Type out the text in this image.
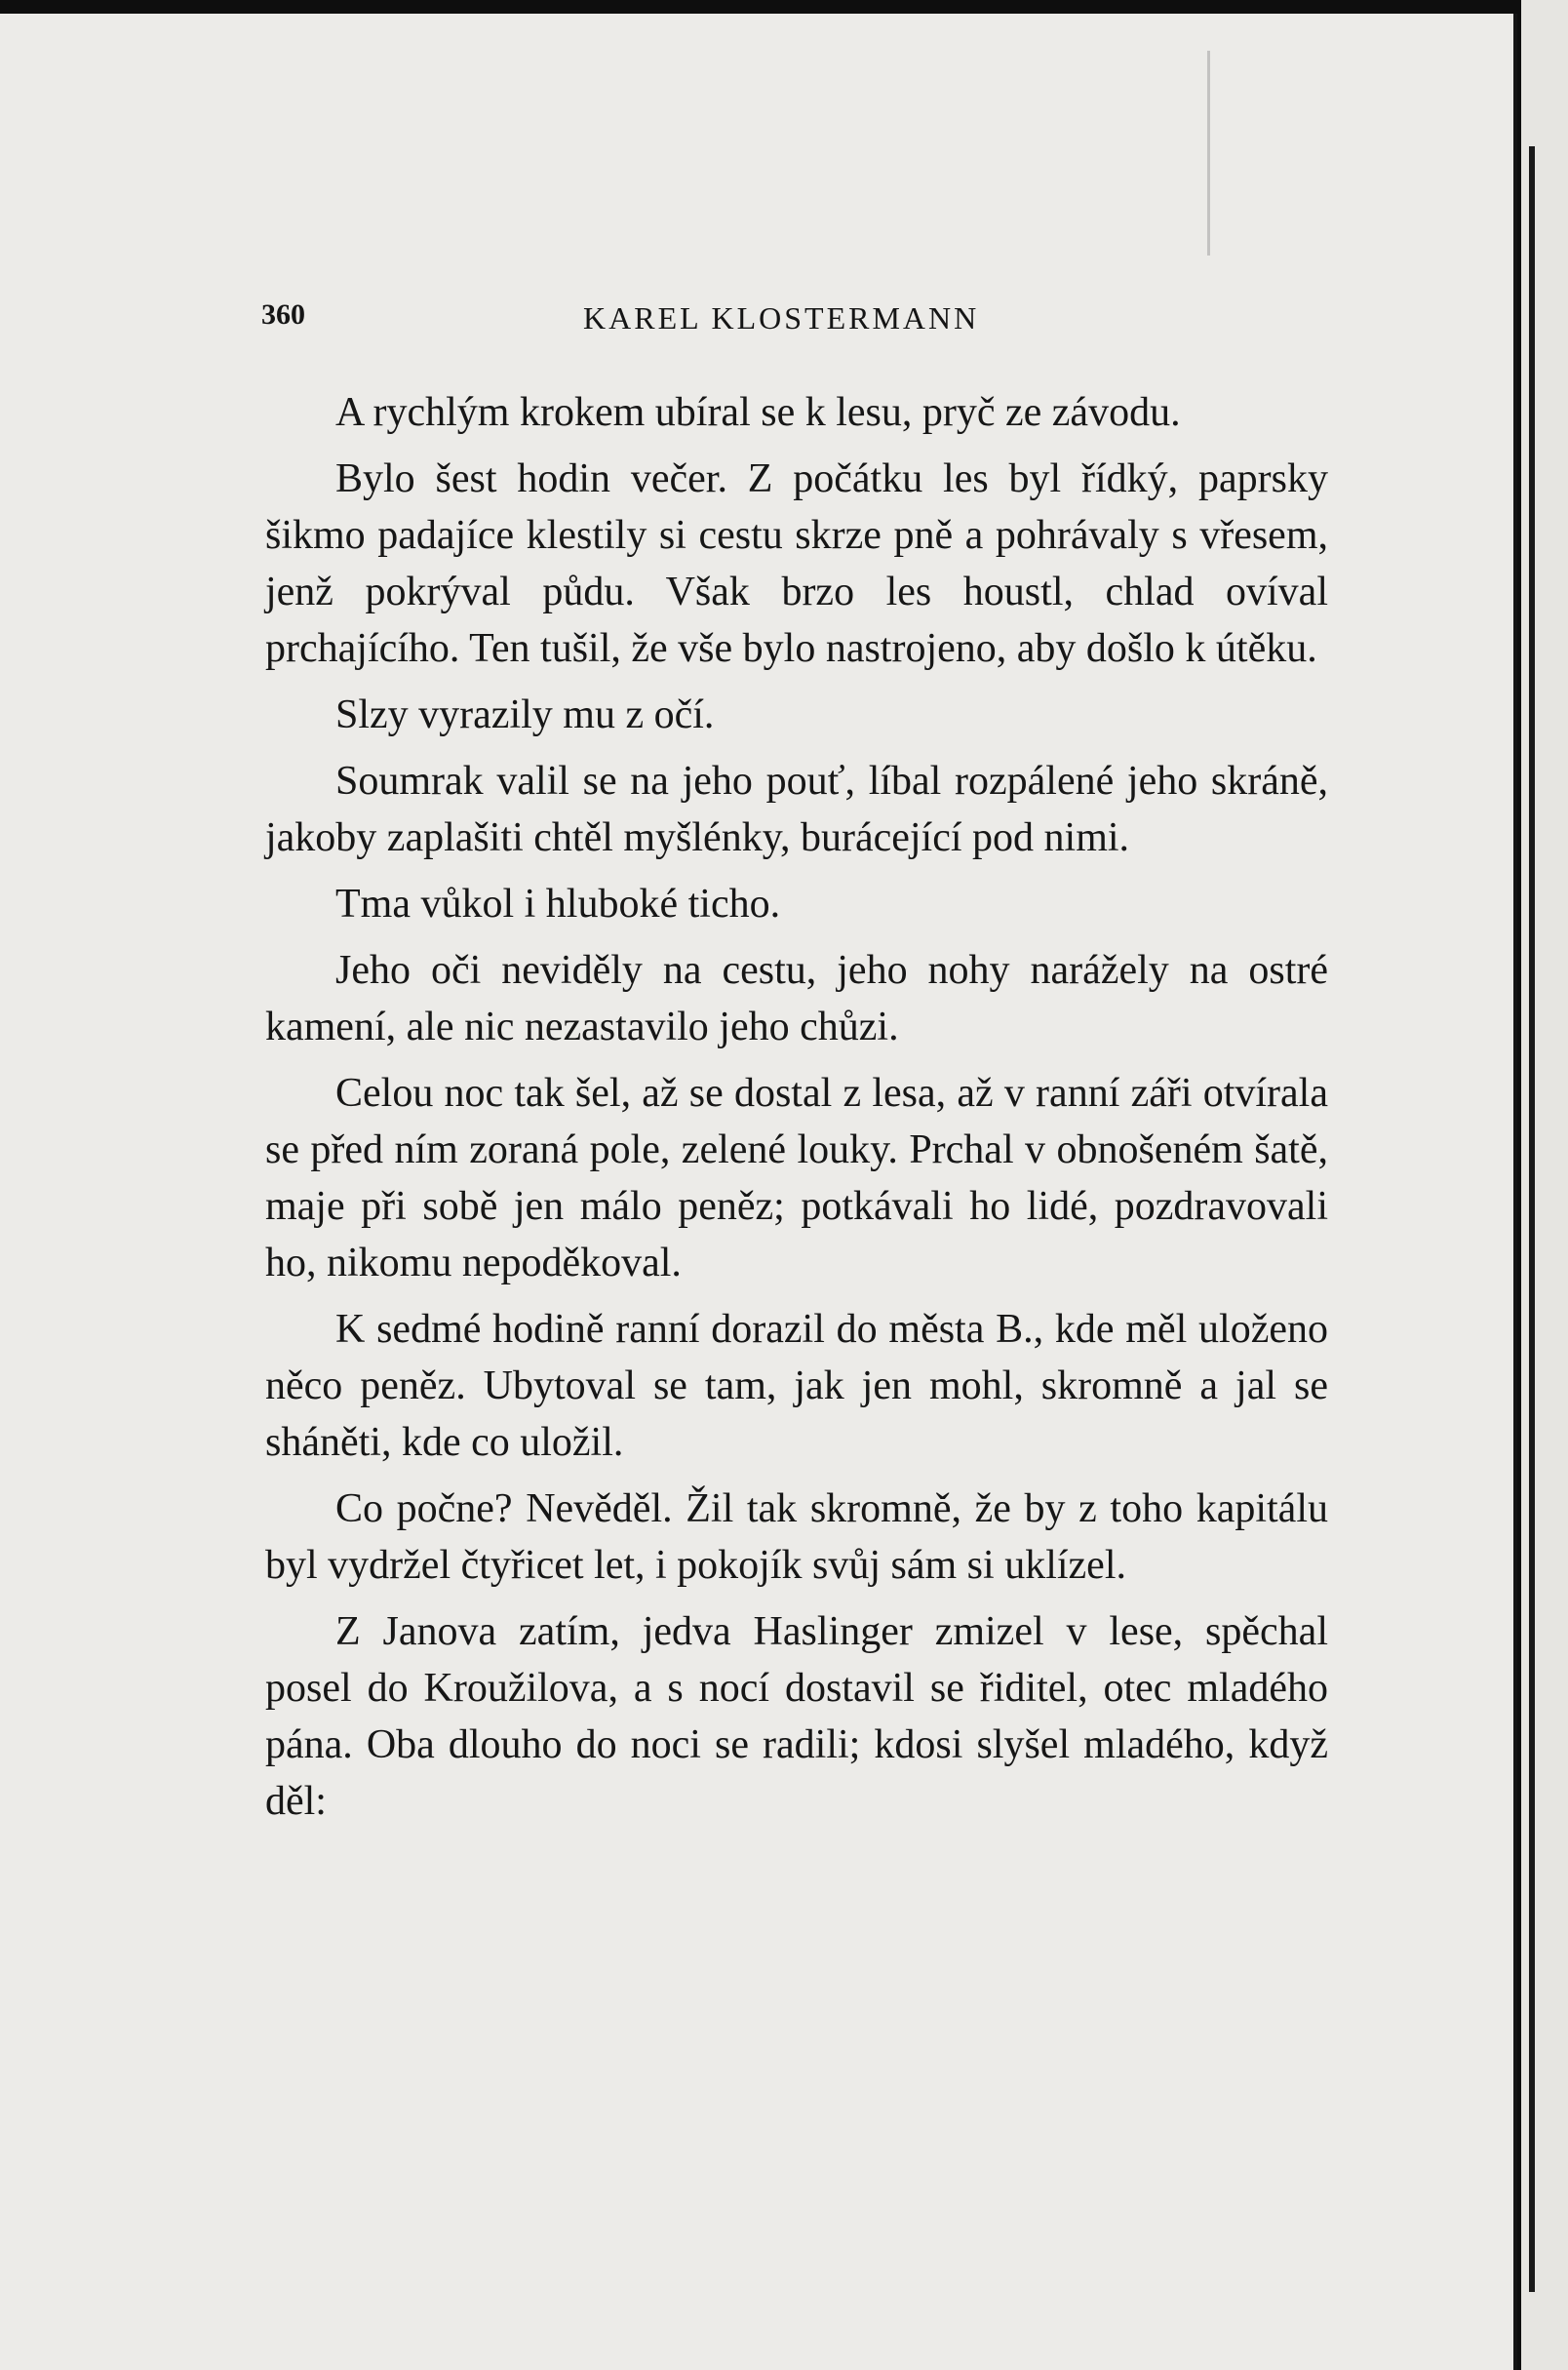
360	KAREL KLOSTERMANN

A rychlým krokem ubíral se k lesu, pryč ze závodu.

Bylo šest hodin večer. Z počátku les byl řídký, paprsky šikmo padajíce klestily si cestu skrze pně a pohrávaly s vřesem, jenž pokrýval půdu. Však brzo les houstl, chlad ovíval prchajícího. Ten tušil, že vše bylo nastrojeno, aby došlo k útěku.

Slzy vyrazily mu z očí.

Soumrak valil se na jeho pouť, líbal rozpálené jeho skráně, jakoby zaplašiti chtěl myšlénky, burácející pod nimi.

Tma vůkol i hluboké ticho.

Jeho oči neviděly na cestu, jeho nohy narážely na ostré kamení, ale nic nezastavilo jeho chůzi.

Celou noc tak šel, až se dostal z lesa, až v ranní záři otvírala se před ním zoraná pole, zelené louky. Prchal v obnošeném šatě, maje při sobě jen málo peněz; potkávali ho lidé, pozdravovali ho, nikomu nepoděkoval.

K sedmé hodině ranní dorazil do města B., kde měl uloženo něco peněz. Ubytoval se tam, jak jen mohl, skromně a jal se sháněti, kde co uložil.

Co počne? Nevěděl. Žil tak skromně, že by z toho kapitálu byl vydržel čtyřicet let, i pokojík svůj sám si uklízel.

Z Janova zatím, jedva Haslinger zmizel v lese, spěchal posel do Kroužilova, a s nocí dostavil se řiditel, otec mladého pána. Oba dlouho do noci se radili; kdosi slyšel mladého, když děl:
